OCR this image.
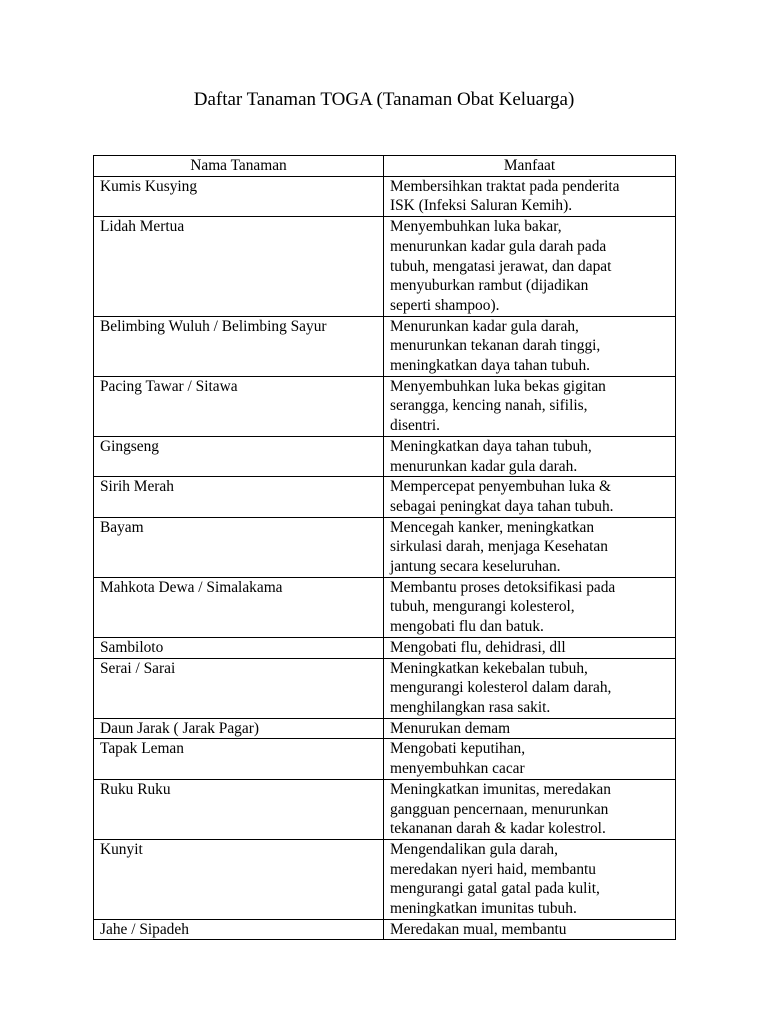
Daftar Tanaman TOGA (Tanaman Obat Keluarga)
Nama Tanaman	Manfaat

Kumis Kusying	Membersihkan traktat pada penderita
ISK (Infeksi Saluran Kemih).

Lidah Mertua	Menyembuhkan luka bakar,
menurunkan kadar gula darah pada
tubuh, mengatasi jerawat, dan dapat
menyuburkan rambut (dijadikan
seperti shampoo).

Belimbing Wuluh / Belimbing Sayur	Menurunkan kadar gula darah,
menurunkan tekanan darah tinggi,
meningkatkan daya tahan tubuh.

Pacing Tawar / Sitawa	Menyembuhkan luka bekas gigitan
serangga, kencing nanah, sifilis,
disentri.

Gingseng	Meningkatkan daya tahan tubuh,
menurunkan kadar gula darah.

Sirih Merah	Mempercepat penyembuhan luka &
sebagai peningkat daya tahan tubuh.

Bayam	Mencegah kanker, meningkatkan
sirkulasi darah, menjaga Kesehatan
jantung secara keseluruhan.

Mahkota Dewa / Simalakama	Membantu proses detoksifikasi pada
tubuh, mengurangi kolesterol,
mengobati flu dan batuk.

Sambiloto	Mengobati flu, dehidrasi, dll

Serai / Sarai	Meningkatkan kekebalan tubuh,
mengurangi kolesterol dalam darah,
menghilangkan rasa sakit.

Daun Jarak ( Jarak Pagar)	Menurukan demam

Tapak Leman	Mengobati keputihan,
menyembuhkan cacar

Ruku Ruku	Meningkatkan imunitas, meredakan
gangguan pencernaan, menurunkan
tekananan darah & kadar kolestrol.

Kunyit	Mengendalikan gula darah,
meredakan nyeri haid, membantu
mengurangi gatal gatal pada kulit,
meningkatkan imunitas tubuh.

Jahe / Sipadeh	Meredakan mual, membantu
